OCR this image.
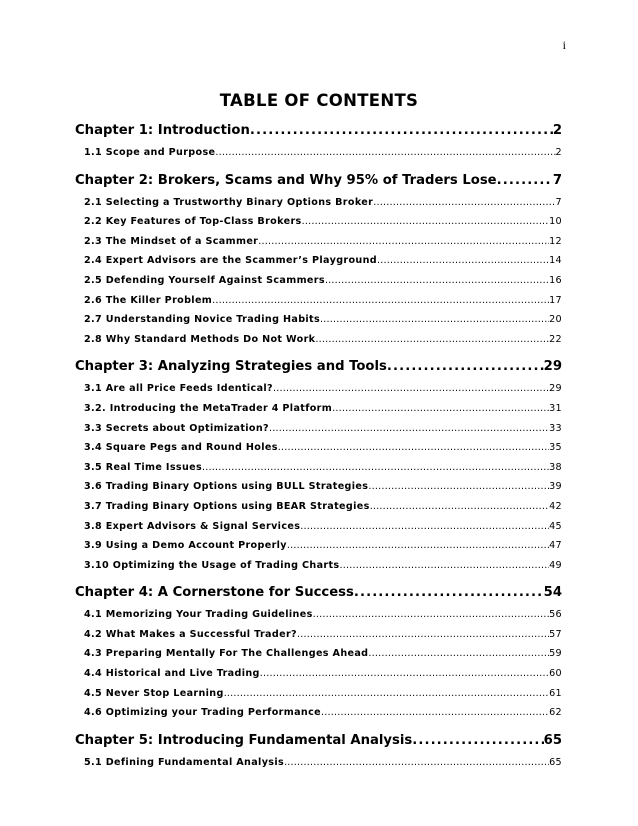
i
TABLE OF CONTENTS
Chapter 1: Introduction .....	2
1.1 Scope and Purpose .....	2
Chapter 2: Brokers, Scams and Why 95% of Traders Lose .....	7
2.1 Selecting a Trustworthy Binary Options Broker .....	7
2.2 Key Features of Top-Class Brokers .....	10
2.3 The Mindset of a Scammer .....	12
2.4 Expert Advisors are the Scammer’s Playground .....	14
2.5 Defending Yourself Against Scammers .....	16
2.6 The Killer Problem .....	17
2.7 Understanding Novice Trading Habits .....	20
2.8 Why Standard Methods Do Not Work .....	22
Chapter 3: Analyzing Strategies and Tools .....	29
3.1 Are all Price Feeds Identical? .....	29
3.2. Introducing the MetaTrader 4 Platform .....	31
3.3 Secrets about Optimization? .....	33
3.4 Square Pegs and Round Holes .....	35
3.5 Real Time Issues .....	38
3.6 Trading Binary Options using BULL Strategies .....	39
3.7 Trading Binary Options using BEAR Strategies .....	42
3.8 Expert Advisors & Signal Services .....	45
3.9 Using a Demo Account Properly .....	47
3.10 Optimizing the Usage of Trading Charts .....	49
Chapter 4: A Cornerstone for Success .....	54
4.1 Memorizing Your Trading Guidelines .....	56
4.2 What Makes a Successful Trader? .....	57
4.3 Preparing Mentally For The Challenges Ahead .....	59
4.4 Historical and Live Trading .....	60
4.5 Never Stop Learning .....	61
4.6 Optimizing your Trading Performance .....	62
Chapter 5: Introducing Fundamental Analysis .....	65
5.1 Defining Fundamental Analysis .....	65
